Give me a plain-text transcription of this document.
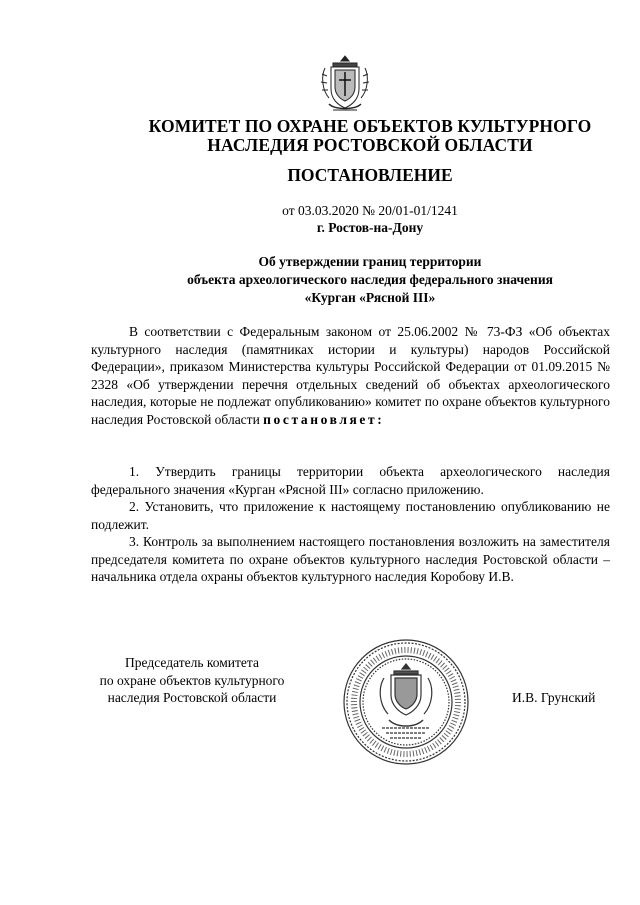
КОМИТЕТ ПО ОХРАНЕ ОБЪЕКТОВ КУЛЬТУРНОГО
НАСЛЕДИЯ РОСТОВСКОЙ ОБЛАСТИ
ПОСТАНОВЛЕНИЕ
от 03.03.2020 № 20/01-01/1241
г. Ростов-на-Дону
Об утверждении границ территории
объекта археологического наследия федерального значения
«Курган «Рясной III»
В соответствии с Федеральным законом от 25.06.2002 № 73-ФЗ «Об объектах культурного наследия (памятниках истории и культуры) народов Российской Федерации», приказом Министерства культуры Российской Федерации от 01.09.2015 № 2328 «Об утверждении перечня отдельных сведений об объектах археологического наследия, которые не подлежат опубликованию» комитет по охране объектов культурного наследия Ростовской области постановляет:

1. Утвердить границы территории объекта археологического наследия федерального значения «Курган «Рясной III» согласно приложению.

2. Установить, что приложение к настоящему постановлению опубликованию не подлежит.

3. Контроль за выполнением настоящего постановления возложить на заместителя председателя комитета по охране объектов культурного наследия Ростовской области – начальника отдела охраны объектов культурного наследия Коробову И.В.

Председатель комитета
по охране объектов культурного
наследия Ростовской области	И.В. Грунский
